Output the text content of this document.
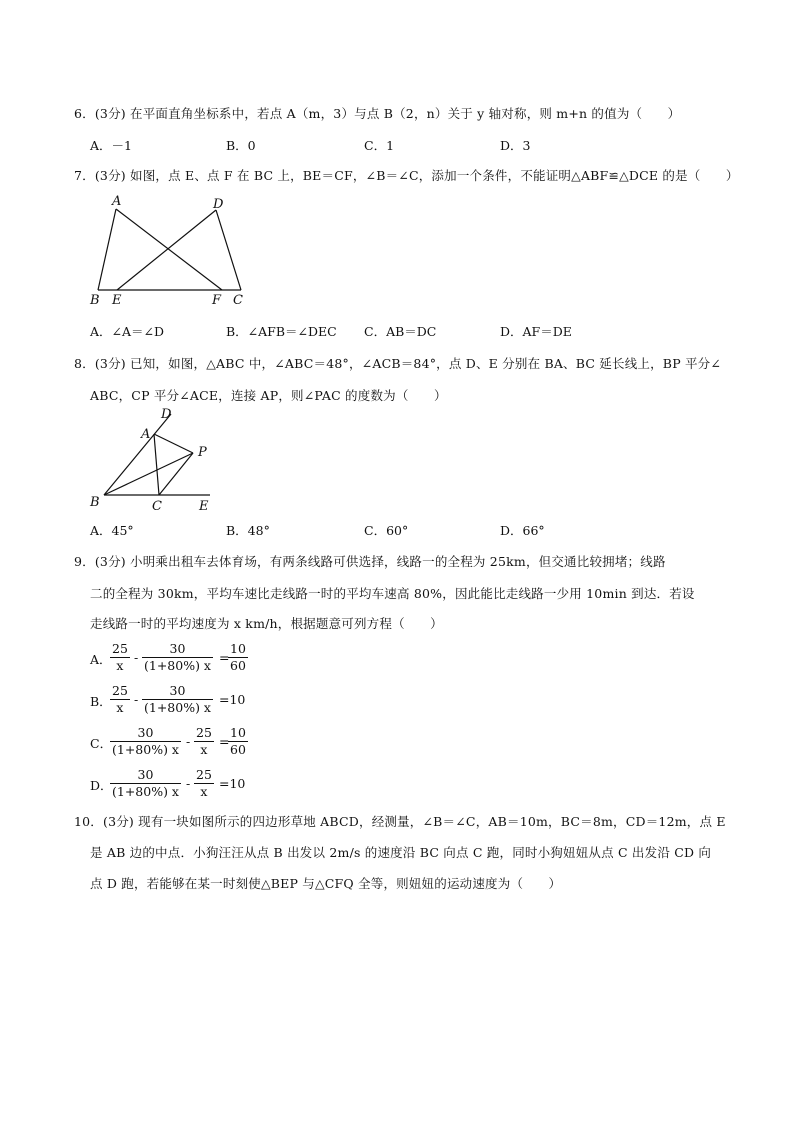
6．(3分) 在平面直角坐标系中，若点 A（m，3）与点 B（2，n）关于 y 轴对称，则 m+n 的值为（　　）
A．－1	B．0	C．1	D．3
7．(3分) 如图，点 E、点 F 在 BC 上，BE＝CF，∠B＝∠C，添加一个条件，不能证明△ABF≌△DCE 的是（　　）
A	D
B E	F C
A．∠A＝∠D	B．∠AFB＝∠DEC C．AB＝DC	D．AF＝DE
8．(3分) 已知，如图，△ABC 中，∠ABC＝48°，∠ACB＝84°，点 D、E 分别在 BA、BC 延长线上，BP 平分∠
ABC，CP 平分∠ACE，连接 AP，则∠PAC 的度数为（　　）
D
A
P
B	C	E
A．45°	B．48°	C．60°	D．66°
9．(3分) 小明乘出租车去体育场，有两条线路可供选择，线路一的全程为 25km，但交通比较拥堵；线路
二的全程为 30km，平均车速比走线路一时的平均车速高 80%，因此能比走线路一少用 10min 到达．若设
走线路一时的平均速度为 x km/h，根据题意可列方程（　　）
A．
$\frac{25}{x} - \frac{30}{(1+80\%) x}$ =
$\frac{10}{60}$
B．
$\frac{25}{x} - \frac{30}{(1+80\%) x} =10$
C．
$\frac{30}{(1+80\%) x} - \frac{25}{x}$ =
$\frac{10}{60}$
D．
$\frac{30}{(1+80\%) x} - \frac{25}{x} =10$
10．(3分) 现有一块如图所示的四边形草地 ABCD，经测量，∠B＝∠C，AB＝10m，BC＝8m，CD＝12m，点 E
是 AB 边的中点．小狗汪汪从点 B 出发以 2m/s 的速度沿 BC 向点 C 跑，同时小狗妞妞从点 C 出发沿 CD 向
点 D 跑，若能够在某一时刻使△BEP 与△CFQ 全等，则妞妞的运动速度为（　　）
